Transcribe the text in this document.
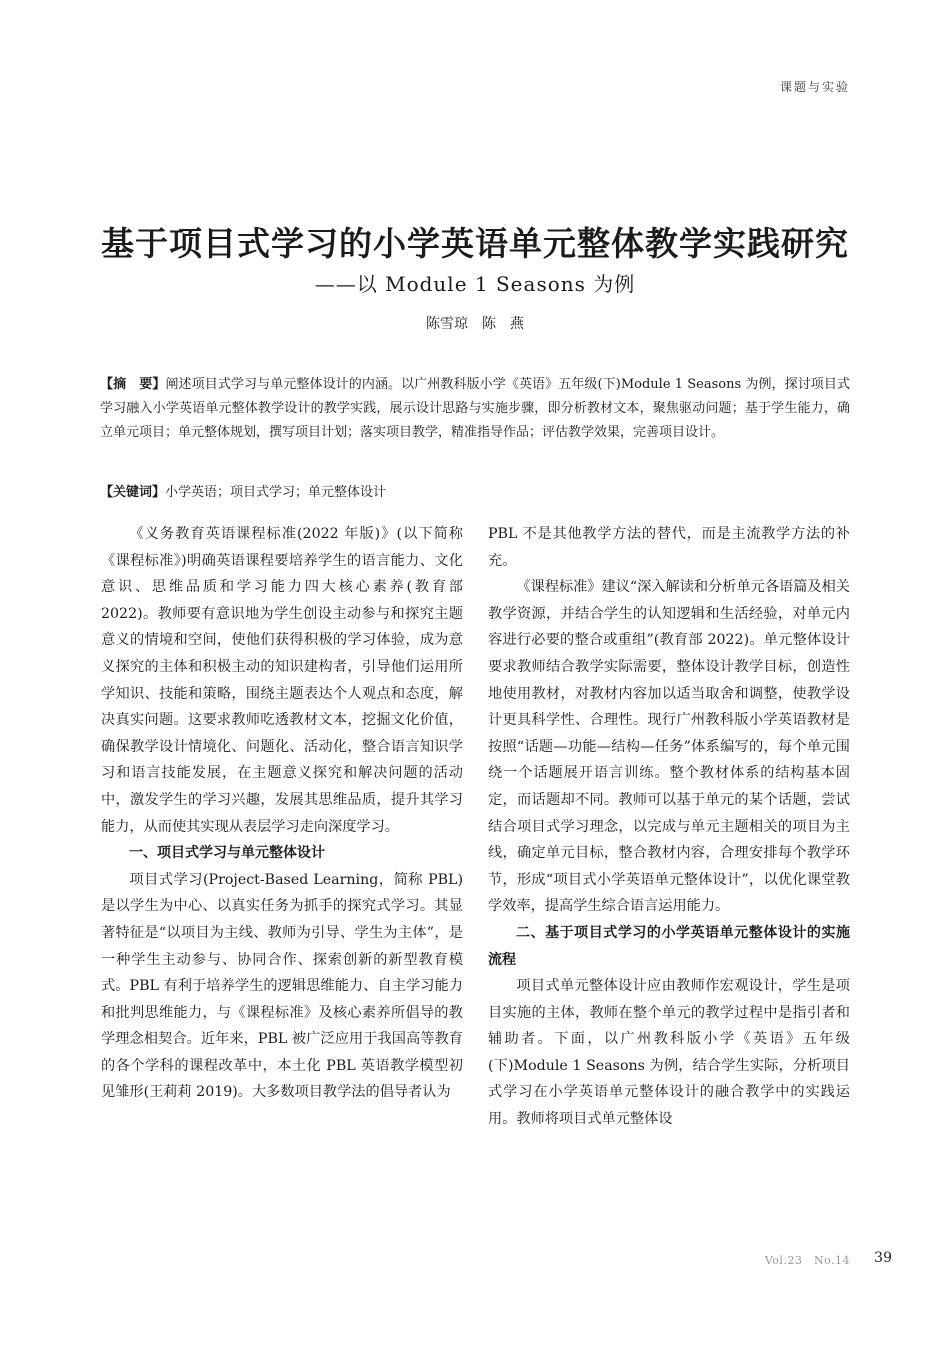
课题与实验
基于项目式学习的小学英语单元整体教学实践研究
——以 Module 1 Seasons 为例
陈雪琼　陈　燕
【摘　要】阐述项目式学习与单元整体设计的内涵。以广州教科版小学《英语》五年级(下)Module 1 Seasons 为例，探讨项目式学习融入小学英语单元整体教学设计的教学实践，展示设计思路与实施步骤，即分析教材文本，聚焦驱动问题；基于学生能力，确立单元项目；单元整体规划，撰写项目计划；落实项目教学，精准指导作品；评估教学效果，完善项目设计。
【关键词】小学英语；项目式学习；单元整体设计

《义务教育英语课程标准(2022 年版)》(以下简称《课程标准》)明确英语课程要培养学生的语言能力、文化意识、思维品质和学习能力四大核心素养(教育部 2022)。教师要有意识地为学生创设主动参与和探究主题意义的情境和空间，使他们获得积极的学习体验，成为意义探究的主体和积极主动的知识建构者，引导他们运用所学知识、技能和策略，围绕主题表达个人观点和态度，解决真实问题。这要求教师吃透教材文本，挖掘文化价值，确保教学设计情境化、问题化、活动化，整合语言知识学习和语言技能发展，在主题意义探究和解决问题的活动中，激发学生的学习兴趣，发展其思维品质，提升其学习能力，从而使其实现从表层学习走向深度学习。

一、项目式学习与单元整体设计

项目式学习(Project-Based Learning，简称 PBL)是以学生为中心、以真实任务为抓手的探究式学习。其显著特征是“以项目为主线、教师为引导、学生为主体”，是一种学生主动参与、协同合作、探索创新的新型教育模式。PBL 有利于培养学生的逻辑思维能力、自主学习能力和批判思维能力，与《课程标准》及核心素养所倡导的教学理念相契合。近年来，PBL 被广泛应用于我国高等教育的各个学科的课程改革中，本土化 PBL 英语教学模型初见雏形(王莉莉 2019)。大多数项目教学法的倡导者认为

PBL 不是其他教学方法的替代，而是主流教学方法的补充。

《课程标准》建议“深入解读和分析单元各语篇及相关教学资源，并结合学生的认知逻辑和生活经验，对单元内容进行必要的整合或重组”(教育部 2022)。单元整体设计要求教师结合教学实际需要，整体设计教学目标，创造性地使用教材，对教材内容加以适当取舍和调整，使教学设计更具科学性、合理性。现行广州教科版小学英语教材是按照“话题—功能—结构—任务”体系编写的，每个单元围绕一个话题展开语言训练。整个教材体系的结构基本固定，而话题却不同。教师可以基于单元的某个话题，尝试结合项目式学习理念，以完成与单元主题相关的项目为主线，确定单元目标，整合教材内容，合理安排每个教学环节，形成“项目式小学英语单元整体设计”，以优化课堂教学效率，提高学生综合语言运用能力。

二、基于项目式学习的小学英语单元整体设计的实施流程

项目式单元整体设计应由教师作宏观设计，学生是项目实施的主体，教师在整个单元的教学过程中是指引者和辅助者。下面，以广州教科版小学《英语》五年级(下)Module 1 Seasons 为例，结合学生实际，分析项目式学习在小学英语单元整体设计的融合教学中的实践运用。教师将项目式单元整体设

Vol.23　No.14 39
